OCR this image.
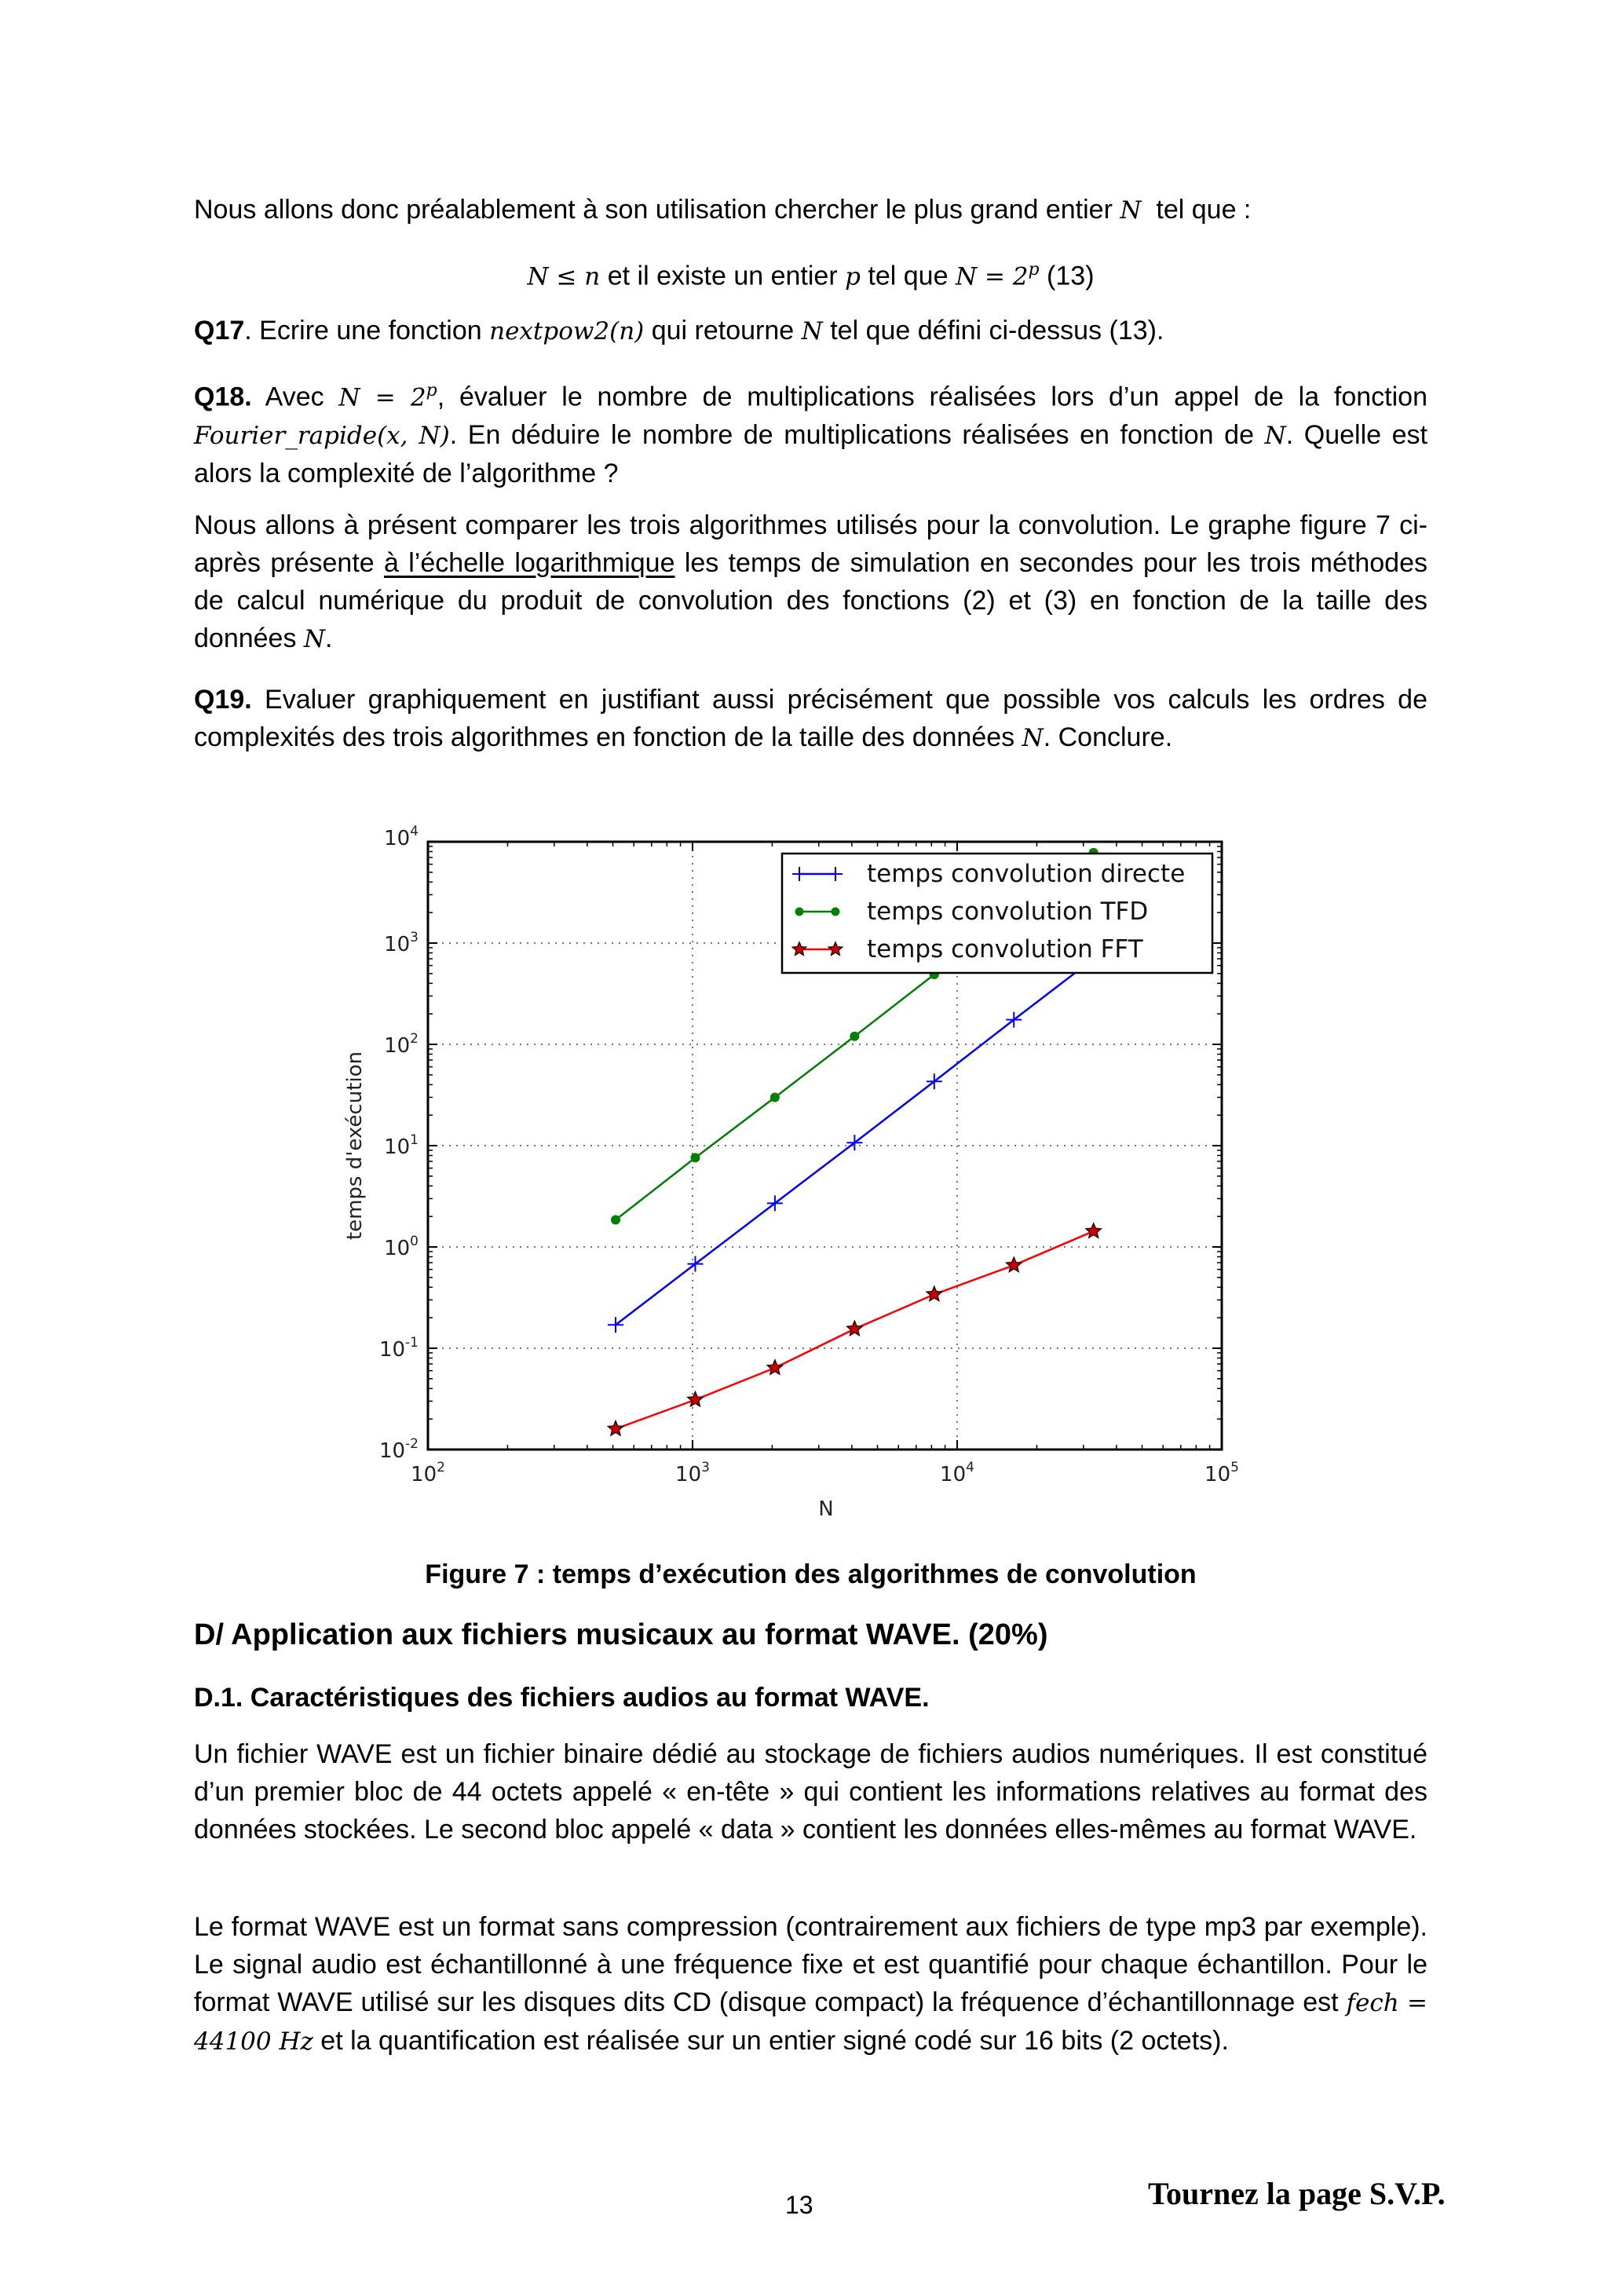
Nous allons donc préalablement à son utilisation chercher le plus grand entier N tel que :

N ≤ n et il existe un entier p tel que $N = 2^p$ (13)

Q17. Ecrire une fonction nextpow2(n) qui retourne N tel que défini ci-dessus (13).

Q18. Avec $N = 2^p$, évaluer le nombre de multiplications réalisées lors d’un appel de la fonction Fourier_rapide(x, N). En déduire le nombre de multiplications réalisées en fonction de N. Quelle est alors la complexité de l’algorithme ?

Nous allons à présent comparer les trois algorithmes utilisés pour la convolution. Le graphe figure 7 ci-après présente à l’échelle logarithmique les temps de simulation en secondes pour les trois méthodes de calcul numérique du produit de convolution des fonctions (2) et (3) en fonction de la taille des données N.

Q19. Evaluer graphiquement en justifiant aussi précisément que possible vos calculs les ordres de complexités des trois algorithmes en fonction de la taille des données N. Conclure.

$10^2$	$10^3$	$10^4$	$10^5$
$10^{-2}$
$10^{-1}$
$10^0$
$10^1$
$10^2$
$10^3$
$10^4$
temps convolution directe
temps convolution TFD
temps convolution FFT
N
temps d'exécution
Figure 7 : temps d’exécution des algorithmes de convolution
D/ Application aux fichiers musicaux au format WAVE. (20%)
D.1. Caractéristiques des fichiers audios au format WAVE.

Un fichier WAVE est un fichier binaire dédié au stockage de fichiers audios numériques. Il est constitué d’un premier bloc de 44 octets appelé « en-tête » qui contient les informations relatives au format des données stockées. Le second bloc appelé « data » contient les données elles-mêmes au format WAVE.

Le format WAVE est un format sans compression (contrairement aux fichiers de type mp3 par exemple). Le signal audio est échantillonné à une fréquence fixe et est quantifié pour chaque échantillon. Pour le format WAVE utilisé sur les disques dits CD (disque compact) la fréquence d’échantillonnage est fech = 44100 Hz et la quantification est réalisée sur un entier signé codé sur 16 bits (2 octets).

13	Tournez la page S.V.P.
